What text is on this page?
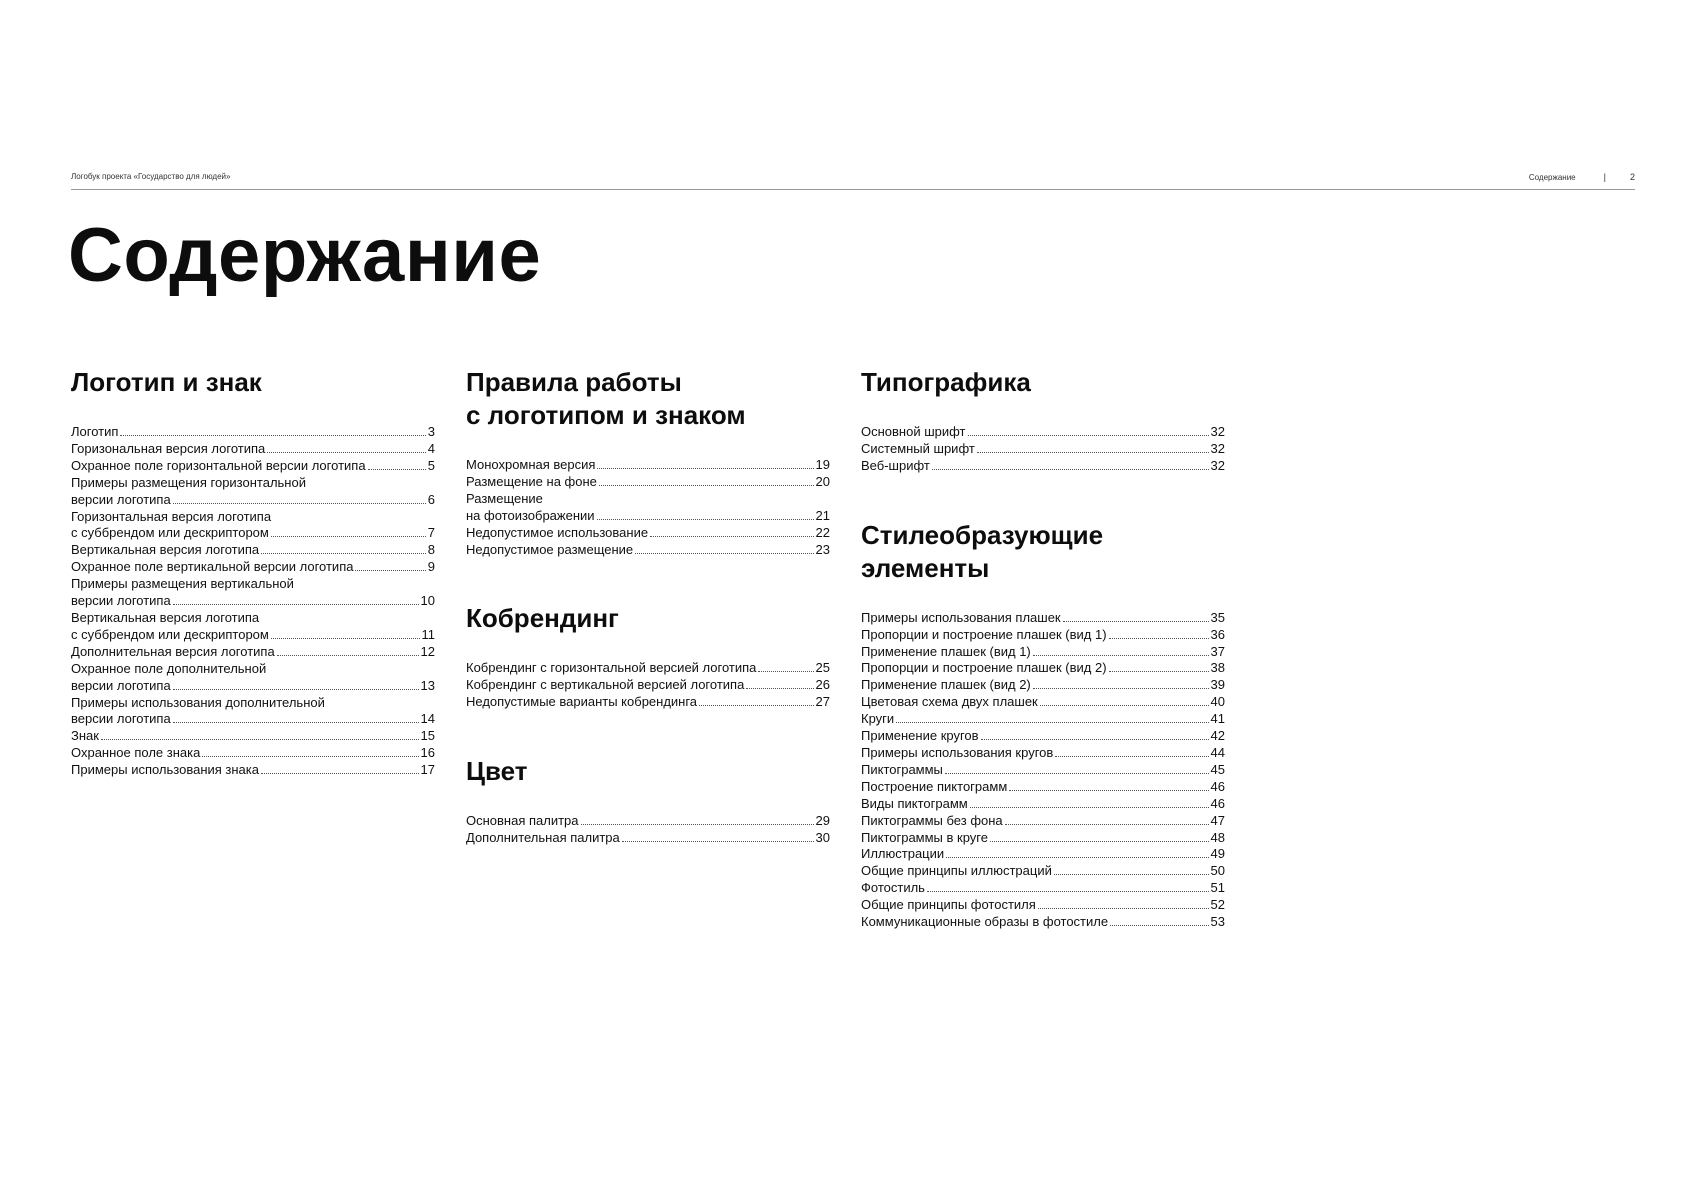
Логобук проекта «Государство для людей»	Содержание	|	2
Содержание
Логотип и знак
Логотип	3
Горизональная версия логотипа	4
Охранное поле горизонтальной версии логотипа	5
Примеры размещения горизонтальной
версии логотипа	6
Горизонтальная версия логотипа
с суббрендом или дескриптором	7
Вертикальная версия логотипа	8
Охранное поле вертикальной версии логотипа	9
Примеры размещения вертикальной
версии логотипа	10
Вертикальная версия логотипа
с суббрендом или дескриптором	11
Дополнительная версия логотипа	12
Охранное поле дополнительной
версии логотипа	13
Примеры использования дополнительной
версии логотипа	14
Знак	15
Охранное поле знака	16
Примеры использования знака	17
Правила работы
с логотипом и знаком
Монохромная версия	19
Размещение на фоне	20
Размещение
на фотоизображении	21
Недопустимое использование	22
Недопустимое размещение	23
Кобрендинг
Кобрендинг с горизонтальной версией логотипа	25
Кобрендинг с вертикальной версией логотипа	26
Недопустимые варианты кобрендинга	27
Цвет
Основная палитра	29
Дополнительная палитра	30
Типографика
Основной шрифт	32
Системный шрифт	32
Веб-шрифт	32
Стилеобразующие
элементы
Примеры использования плашек	35
Пропорции и построение плашек (вид 1)	36
Применение плашек (вид 1)	37
Пропорции и построение плашек (вид 2)	38
Применение плашек (вид 2)	39
Цветовая схема двух плашек	40
Круги	41
Применение кругов	42
Примеры использования кругов	44
Пиктограммы	45
Построение пиктограмм	46
Виды пиктограмм	46
Пиктограммы без фона	47
Пиктограммы в круге	48
Иллюстрации	49
Общие принципы иллюстраций	50
Фотостиль	51
Общие принципы фотостиля	52
Коммуникационные образы в фотостиле	53
